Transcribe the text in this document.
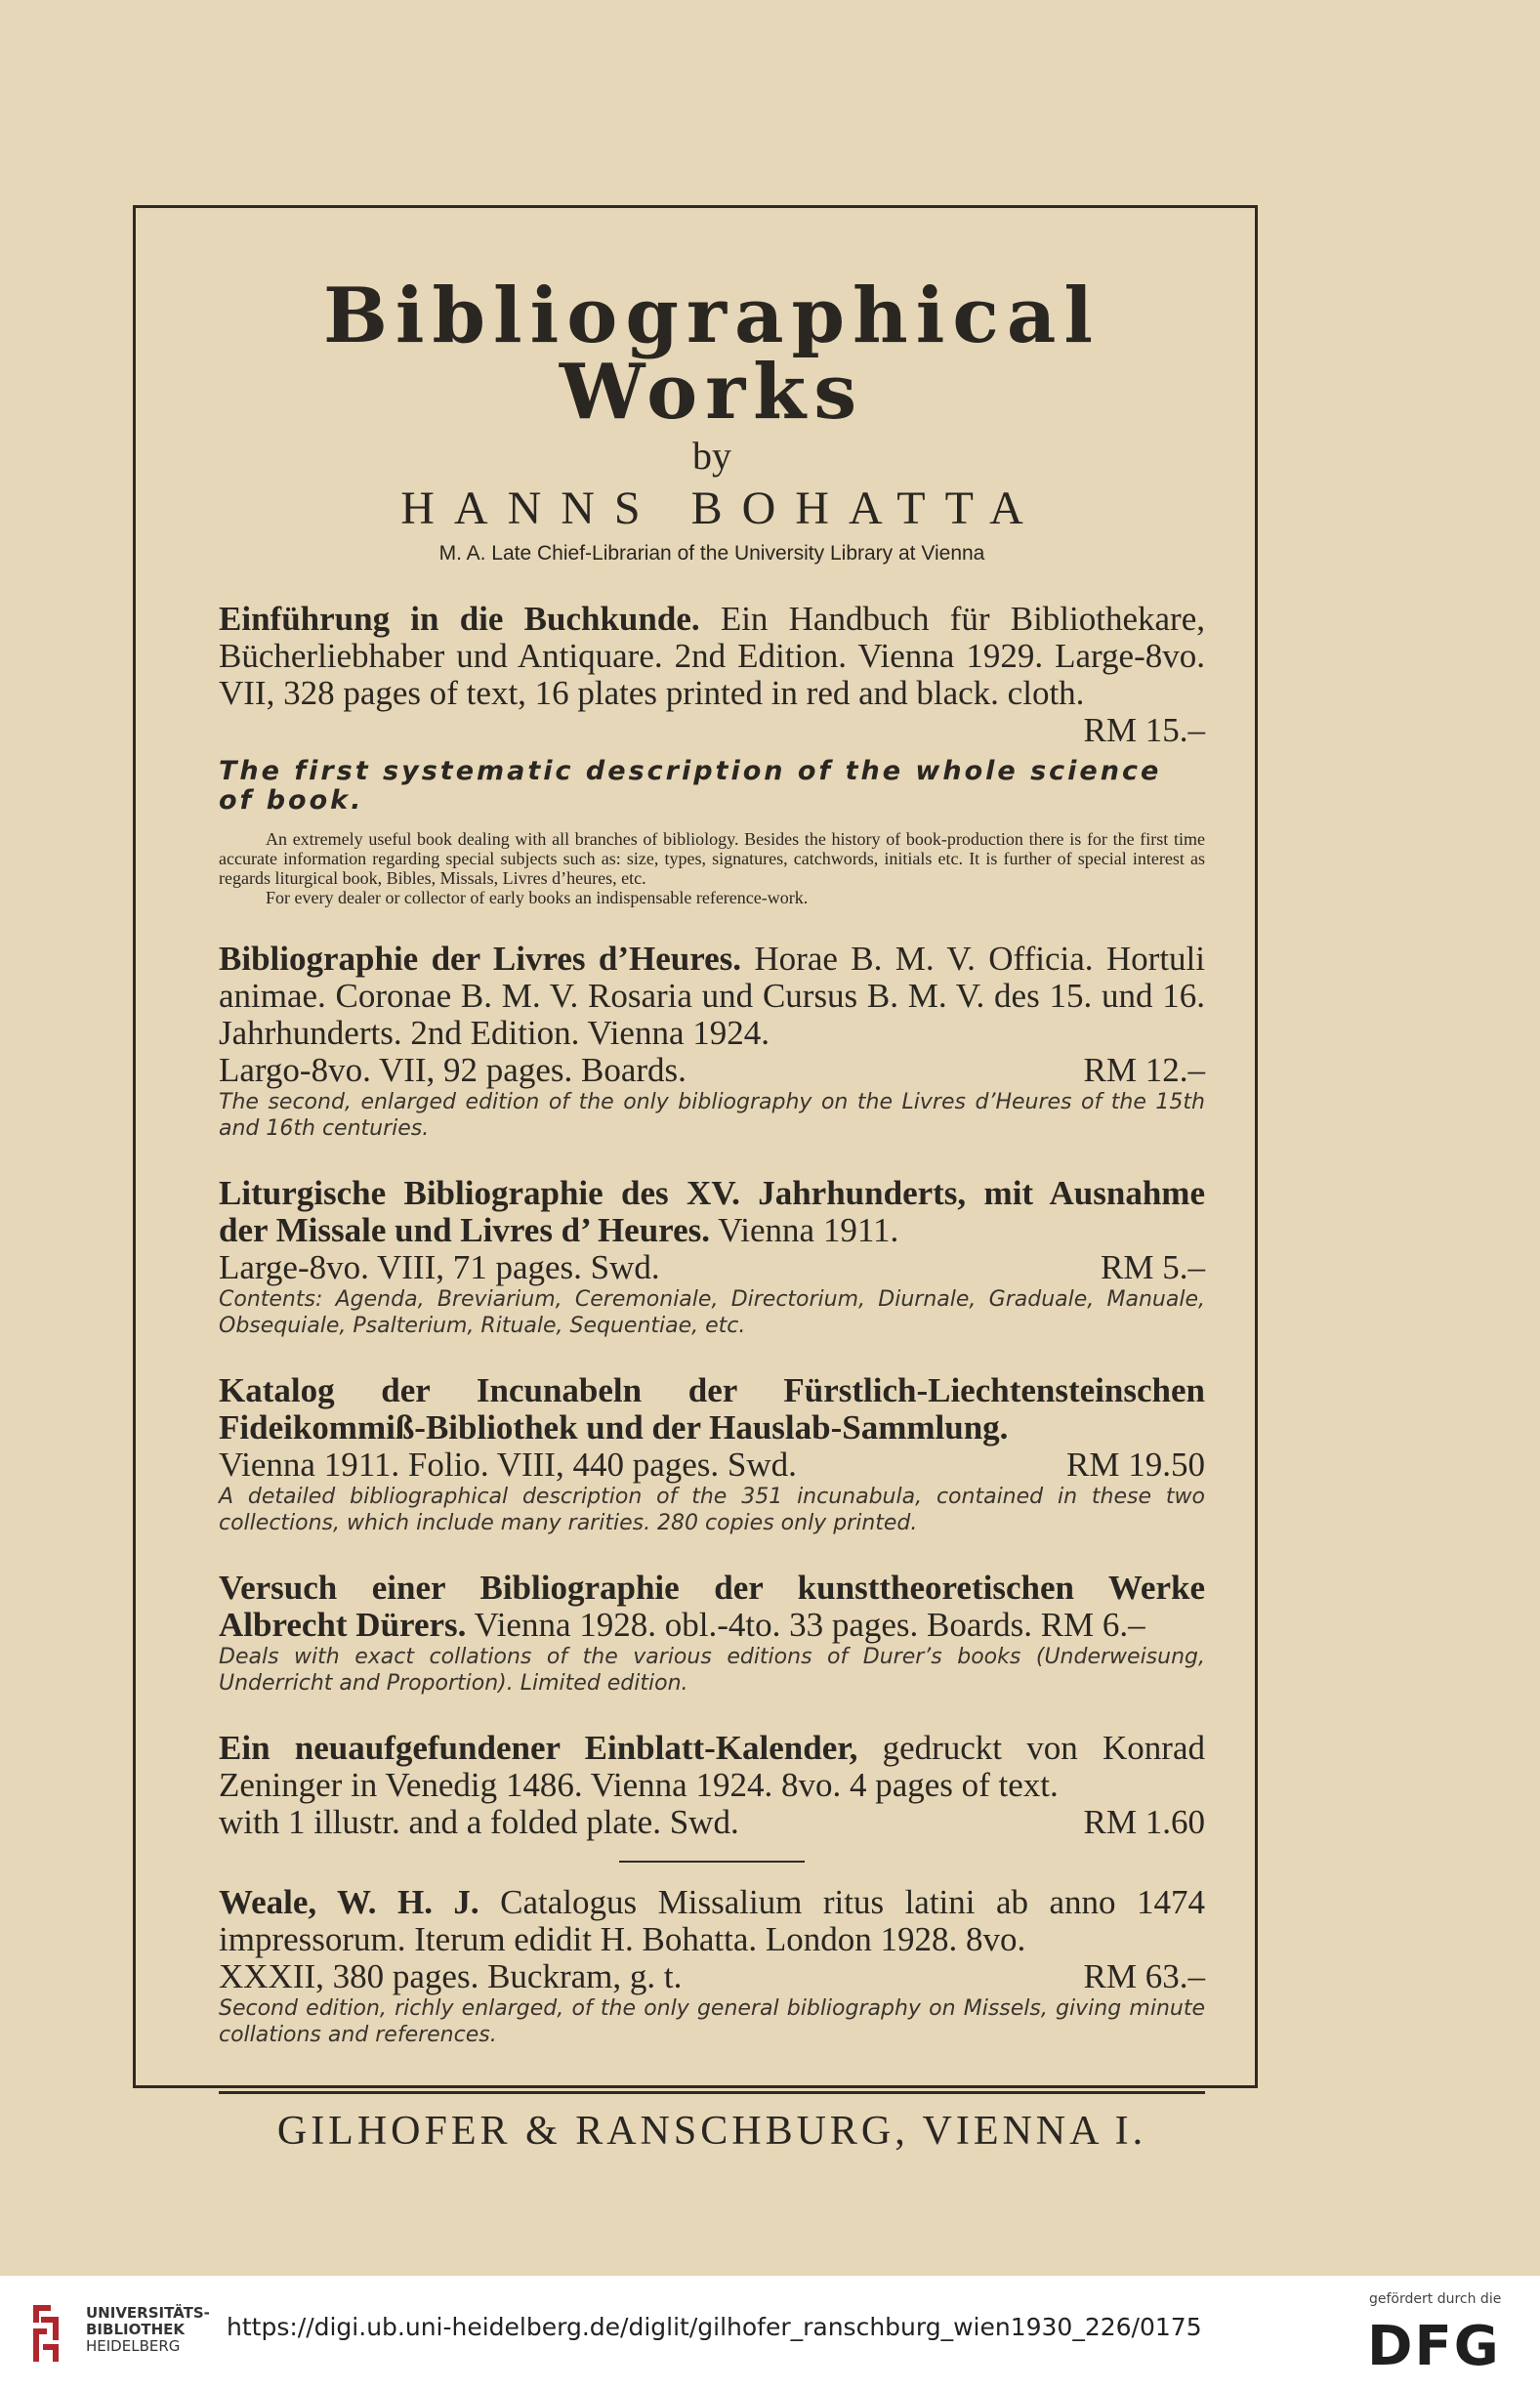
Bibliographical Works
by
HANNS BOHATTA
M. A. Late Chief-Librarian of the University Library at Vienna
Einführung in die Buchkunde. Ein Handbuch für Bibliothekare, Bücherliebhaber und Antiquare. 2nd Edition. Vienna 1929. Large-8vo. VII, 328 pages of text, 16 plates printed in red and black. cloth.
RM 15.–
The first systematic description of the whole science of book.

An extremely useful book dealing with all branches of bibliology. Besides the history of book-production there is for the first time accurate information regarding special subjects such as: size, types, signatures, catchwords, initials etc. It is further of special interest as regards liturgical book, Bibles, Missals, Livres d’heures, etc.

For every dealer or collector of early books an indispensable reference-work.

Bibliographie der Livres d’Heures. Horae B. M. V. Officia. Hortuli animae. Coronae B. M. V. Rosaria und Cursus B. M. V. des 15. und 16. Jahrhunderts. 2nd Edition. Vienna 1924.
Largo-8vo. VII, 92 pages. Boards.	RM 12.–
The second, enlarged edition of the only bibliography on the Livres d’Heures of the 15th and 16th centuries.
Liturgische Bibliographie des XV. Jahrhunderts, mit Ausnahme der Missale und Livres d’ Heures. Vienna 1911.
Large-8vo. VIII, 71 pages. Swd.	RM 5.–
Contents: Agenda, Breviarium, Ceremoniale, Directorium, Diurnale, Graduale, Manuale, Obsequiale, Psalterium, Rituale, Sequentiae, etc.
Katalog der Incunabeln der Fürstlich-Liechtensteinschen Fideikommiß-Bibliothek und der Hauslab-Sammlung.
Vienna 1911. Folio. VIII, 440 pages. Swd.	RM 19.50
A detailed bibliographical description of the 351 incunabula, contained in these two collections, which include many rarities. 280 copies only printed.
Versuch einer Bibliographie der kunsttheoretischen Werke Albrecht Dürers. Vienna 1928. obl.-4to. 33 pages. Boards. RM 6.–
Deals with exact collations of the various editions of Durer’s books (Underweisung, Underricht and Proportion). Limited edition.
Ein neuaufgefundener Einblatt-Kalender, gedruckt von Konrad Zeninger in Venedig 1486. Vienna 1924. 8vo. 4 pages of text.
with 1 illustr. and a folded plate. Swd.	RM 1.60
Weale, W. H. J. Catalogus Missalium ritus latini ab anno 1474 impressorum. Iterum edidit H. Bohatta. London 1928. 8vo.
XXXII, 380 pages. Buckram, g. t.	RM 63.–
Second edition, richly enlarged, of the only general bibliography on Missels, giving minute collations and references.
GILHOFER & RANSCHBURG, VIENNA I.
UNIVERSITÄTS-
BIBLIOTHEK
HEIDELBERG
https://digi.ub.uni-heidelberg.de/diglit/gilhofer_ranschburg_wien1930_226/0175
gefördert durch die
DFG
